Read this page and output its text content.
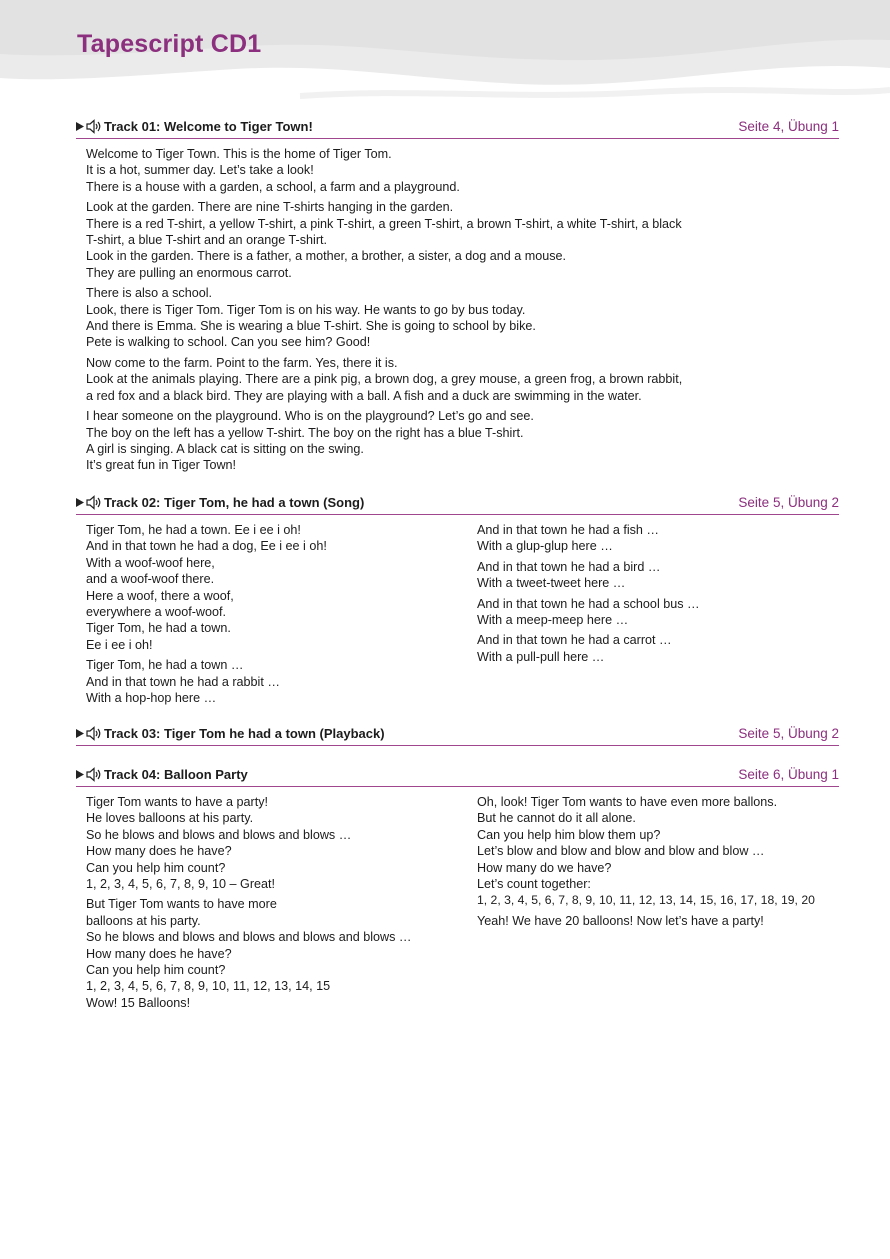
Tapescript CD1
Track 01: Welcome to Tiger Town!	Seite 4, Übung 1
Welcome to Tiger Town. This is the home of Tiger Tom.
It is a hot, summer day. Let’s take a look!
There is a house with a garden, a school, a farm and a playground.
Look at the garden. There are nine T-shirts hanging in the garden.
There is a red T-shirt, a yellow T-shirt, a pink T-shirt, a green T-shirt, a brown T-shirt, a white T-shirt, a black
T-shirt, a blue T-shirt and an orange T-shirt.
Look in the garden. There is a father, a mother, a brother, a sister, a dog and a mouse.
They are pulling an enormous carrot.
There is also a school.
Look, there is Tiger Tom. Tiger Tom is on his way. He wants to go by bus today.
And there is Emma. She is wearing a blue T-shirt. She is going to school by bike.
Pete is walking to school. Can you see him? Good!
Now come to the farm. Point to the farm. Yes, there it is.
Look at the animals playing. There are a pink pig, a brown dog, a grey mouse, a green frog, a brown rabbit,
a red fox and a black bird. They are playing with a ball. A fish and a duck are swimming in the water.
I hear someone on the playground. Who is on the playground? Let’s go and see.
The boy on the left has a yellow T-shirt. The boy on the right has a blue T-shirt.
A girl is singing. A black cat is sitting on the swing.
It’s great fun in Tiger Town!
Track 02: Tiger Tom, he had a town (Song)	Seite 5, Übung 2
Tiger Tom, he had a town. Ee i ee i oh!
And in that town he had a dog, Ee i ee i oh!
With a woof-woof here,
and a woof-woof there.
Here a woof, there a woof,
everywhere a woof-woof.
Tiger Tom, he had a town.
Ee i ee i oh!
Tiger Tom, he had a town …
And in that town he had a rabbit …
With a hop-hop here …
And in that town he had a fish …
With a glup-glup here …
And in that town he had a bird …
With a tweet-tweet here …
And in that town he had a school bus …
With a meep-meep here …
And in that town he had a carrot …
With a pull-pull here …
Track 03: Tiger Tom he had a town (Playback)	Seite 5, Übung 2
Track 04: Balloon Party	Seite 6, Übung 1
Tiger Tom wants to have a party!
He loves balloons at his party.
So he blows and blows and blows and blows …
How many does he have?
Can you help him count?
1, 2, 3, 4, 5, 6, 7, 8, 9, 10 – Great!
But Tiger Tom wants to have more
balloons at his party.
So he blows and blows and blows and blows and blows …
How many does he have?
Can you help him count?
1, 2, 3, 4, 5, 6, 7, 8, 9, 10, 11, 12, 13, 14, 15
Wow! 15 Balloons!
Oh, look! Tiger Tom wants to have even more ballons.
But he cannot do it all alone.
Can you help him blow them up?
Let’s blow and blow and blow and blow and blow …
How many do we have?
Let’s count together:
1, 2, 3, 4, 5, 6, 7, 8, 9, 10, 11, 12, 13, 14, 15, 16, 17, 18, 19, 20
Yeah! We have 20 balloons! Now let’s have a party!
